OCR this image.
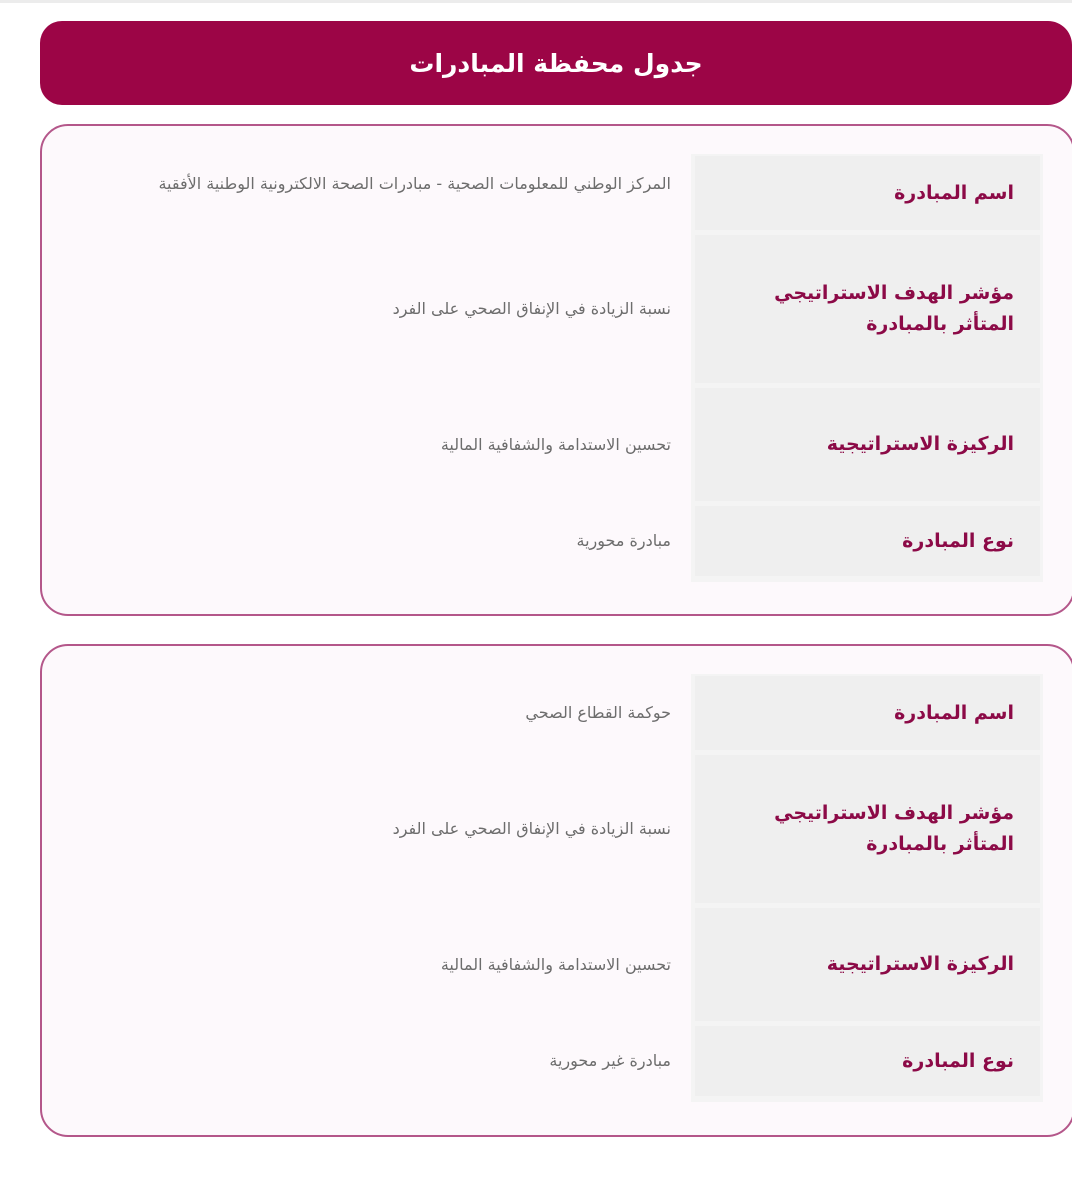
جدول محفظة المبادرات
اسم المبادرة
المركز الوطني للمعلومات الصحية - مبادرات الصحة الالكترونية الوطنية الأفقية
مؤشر الهدف الاستراتيجي المتأثر بالمبادرة
نسبة الزيادة في الإنفاق الصحي على الفرد
الركيزة الاستراتيجية
تحسين الاستدامة والشفافية المالية
نوع المبادرة
مبادرة محورية
اسم المبادرة
حوكمة القطاع الصحي
مؤشر الهدف الاستراتيجي المتأثر بالمبادرة
نسبة الزيادة في الإنفاق الصحي على الفرد
الركيزة الاستراتيجية
تحسين الاستدامة والشفافية المالية
نوع المبادرة
مبادرة غير محورية
